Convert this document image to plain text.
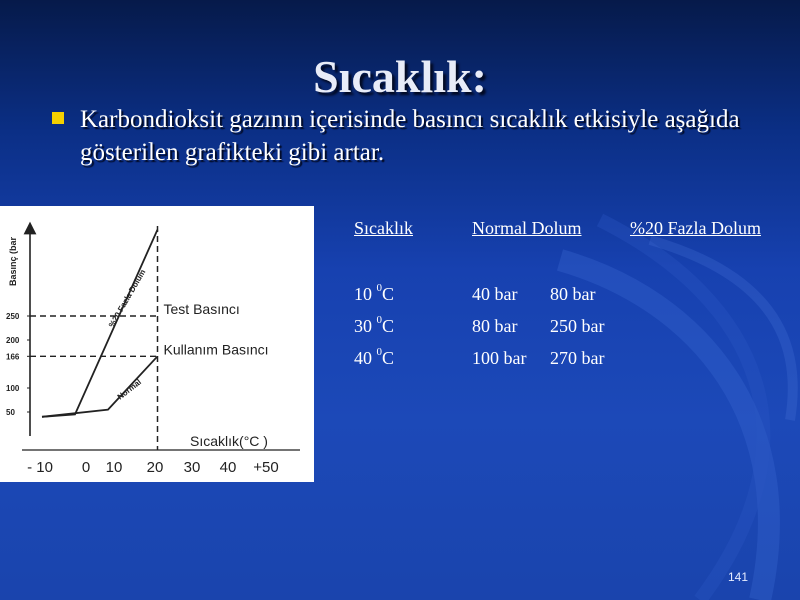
Sıcaklık:
Karbondioksit gazının içerisinde basıncı sıcaklık etkisiyle aşağıda gösterilen grafikteki gibi artar.
Basınç (bar
250
200
166
100
50
Test Basıncı
Kullanım Basıncı
%20 Fazla Dolum
Normal
Sıcaklık(°C )
- 10 0 10 20 30 40 +50
Sıcaklık	Normal Dolum	%20 Fazla Dolum
10 $^0$C	40 bar 80 bar
30 $^0$C	80 bar 250 bar
40 $^0$C	100 bar 270 bar
141
